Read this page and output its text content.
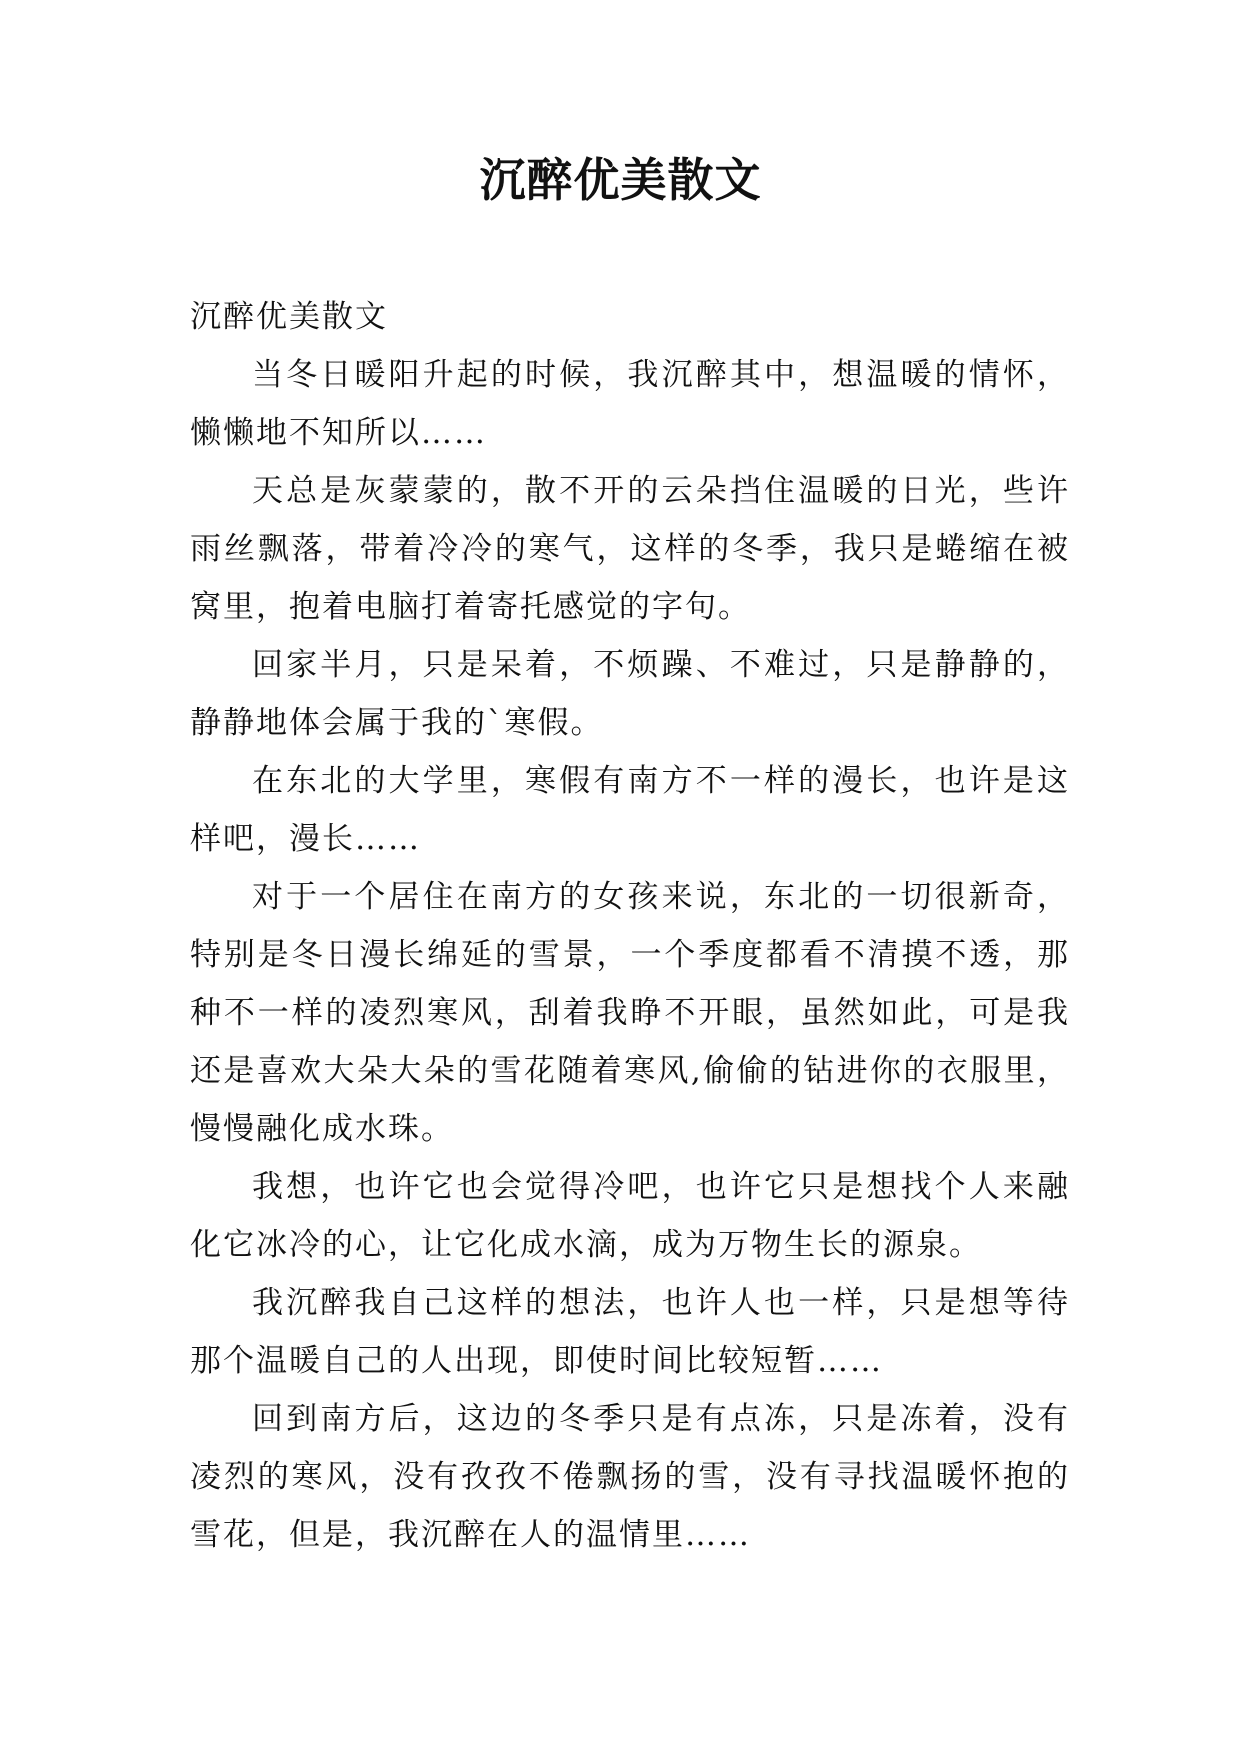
沉醉优美散文

沉醉优美散文

当冬日暖阳升起的时候，我沉醉其中，想温暖的情怀，懒懒地不知所以……

天总是灰蒙蒙的，散不开的云朵挡住温暖的日光，些许雨丝飘落，带着冷冷的寒气，这样的冬季，我只是蜷缩在被窝里，抱着电脑打着寄托感觉的字句。

回家半月，只是呆着，不烦躁、不难过，只是静静的，静静地体会属于我的`寒假。

在东北的大学里，寒假有南方不一样的漫长，也许是这样吧，漫长……

对于一个居住在南方的女孩来说，东北的一切很新奇，特别是冬日漫长绵延的雪景，一个季度都看不清摸不透，那种不一样的凌烈寒风，刮着我睁不开眼，虽然如此，可是我还是喜欢大朵大朵的雪花随着寒风,偷偷的钻进你的衣服里，慢慢融化成水珠。

我想，也许它也会觉得冷吧，也许它只是想找个人来融化它冰冷的心，让它化成水滴，成为万物生长的源泉。

我沉醉我自己这样的想法，也许人也一样，只是想等待那个温暖自己的人出现，即使时间比较短暂……

回到南方后，这边的冬季只是有点冻，只是冻着，没有凌烈的寒风，没有孜孜不倦飘扬的雪，没有寻找温暖怀抱的雪花，但是，我沉醉在人的温情里……
